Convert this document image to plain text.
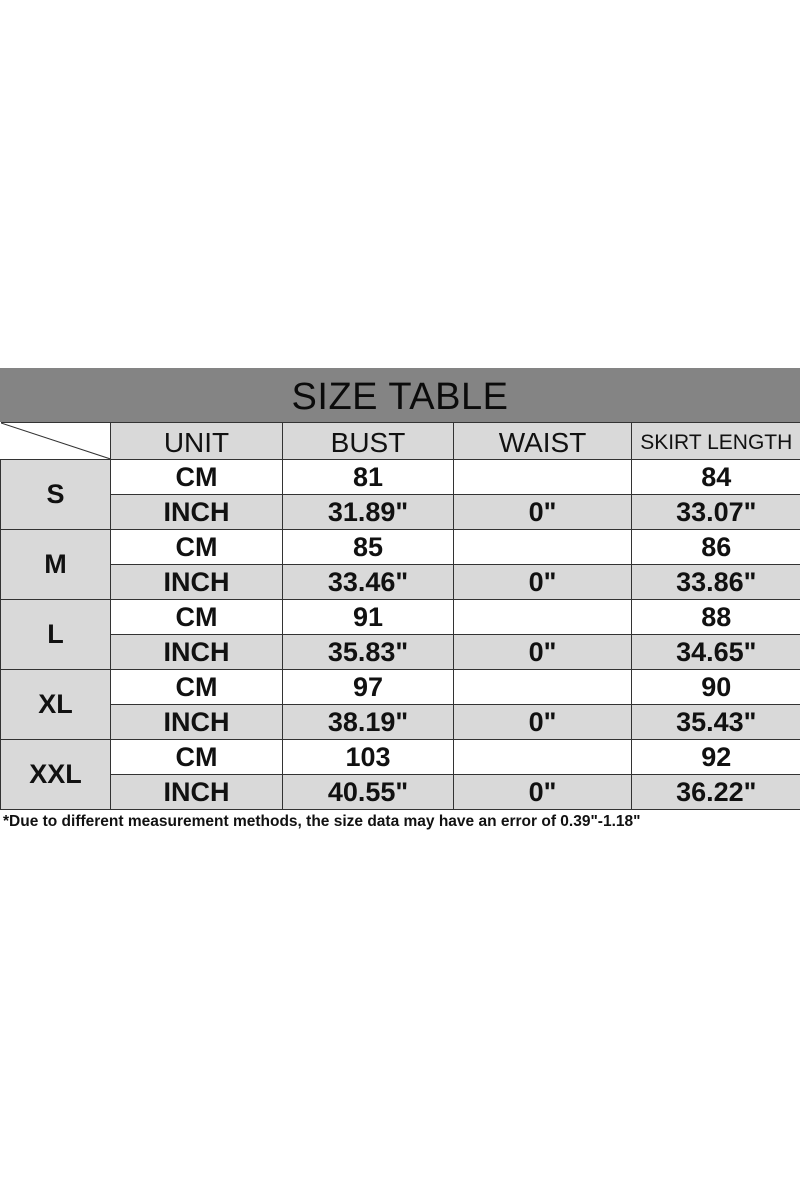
SIZE TABLE
	UNIT	BUST	WAIST	SKIRT LENGTH
S	CM	81		84
	INCH	31.89"	0"	33.07"
M	CM	85		86
	INCH	33.46"	0"	33.86"
L	CM	91		88
	INCH	35.83"	0"	34.65"
XL	CM	97		90
	INCH	38.19"	0"	35.43"
XXL	CM	103		92
	INCH	40.55"	0"	36.22"
*Due to different measurement methods, the size data may have an error of 0.39"-1.18"
